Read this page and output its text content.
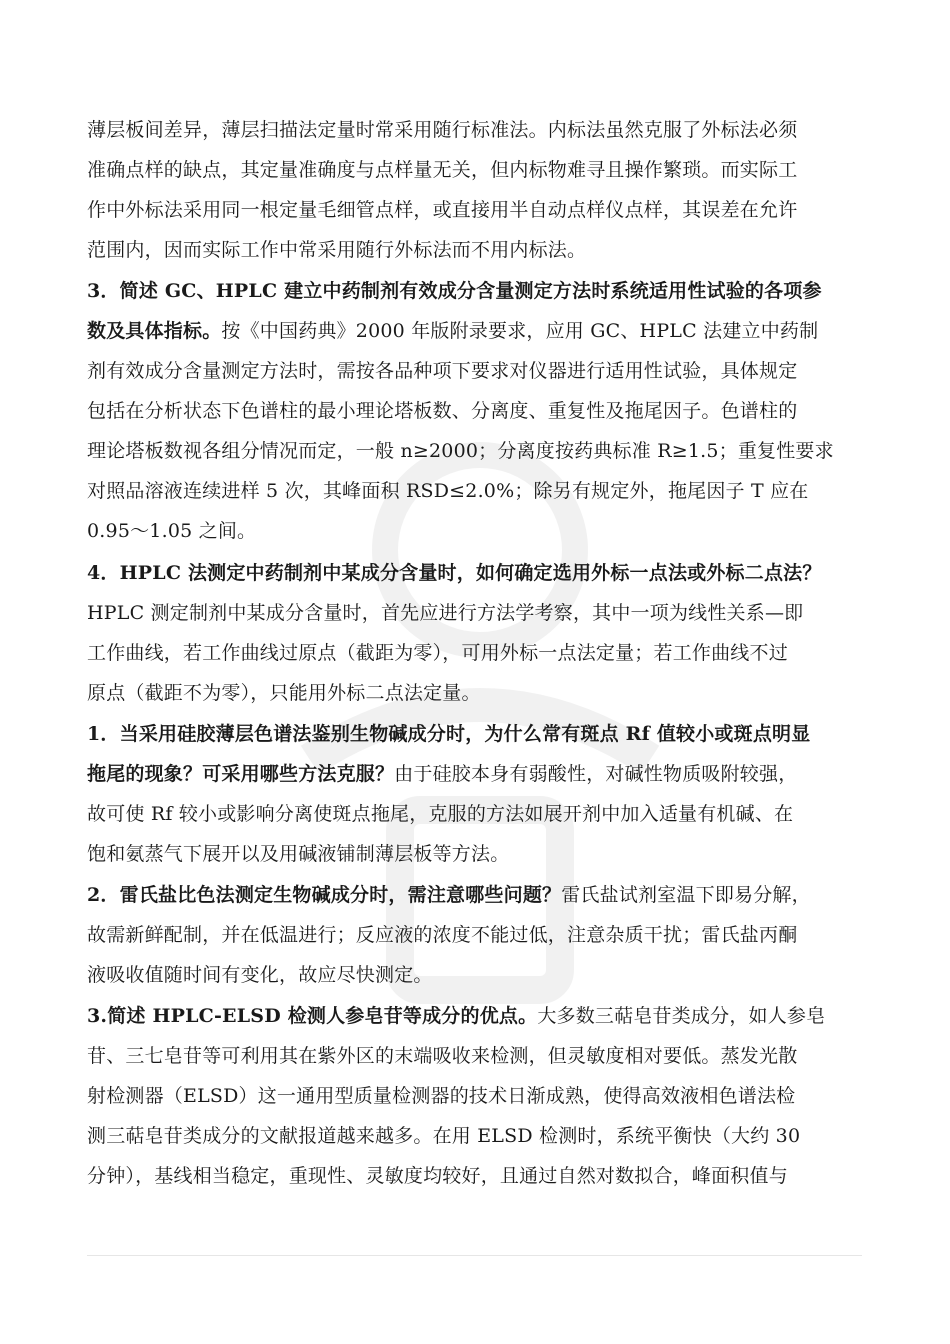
薄层板间差异，薄层扫描法定量时常采用随行标准法。内标法虽然克服了外标法必须
准确点样的缺点，其定量准确度与点样量无关，但内标物难寻且操作繁琐。而实际工
作中外标法采用同一根定量毛细管点样，或直接用半自动点样仪点样，其误差在允许
范围内，因而实际工作中常采用随行外标法而不用内标法。
3．简述 GC、HPLC 建立中药制剂有效成分含量测定方法时系统适用性试验的各项参
数及具体指标。按《中国药典》2000 年版附录要求，应用 GC、HPLC 法建立中药制
剂有效成分含量测定方法时，需按各品种项下要求对仪器进行适用性试验，具体规定
包括在分析状态下色谱柱的最小理论塔板数、分离度、重复性及拖尾因子。色谱柱的
理论塔板数视各组分情况而定，一般 n≥2000；分离度按药典标准 R≥1.5；重复性要求
对照品溶液连续进样 5 次，其峰面积 RSD≤2.0%；除另有规定外，拖尾因子 T 应在
0.95～1.05 之间。
4．HPLC 法测定中药制剂中某成分含量时，如何确定选用外标一点法或外标二点法？
HPLC 测定制剂中某成分含量时，首先应进行方法学考察，其中一项为线性关系—即
工作曲线，若工作曲线过原点（截距为零），可用外标一点法定量；若工作曲线不过
原点（截距不为零），只能用外标二点法定量。
1．当采用硅胶薄层色谱法鉴别生物碱成分时，为什么常有斑点 Rf 值较小或斑点明显
拖尾的现象？可采用哪些方法克服？由于硅胶本身有弱酸性，对碱性物质吸附较强，
故可使 Rf 较小或影响分离使斑点拖尾，克服的方法如展开剂中加入适量有机碱、在
饱和氨蒸气下展开以及用碱液铺制薄层板等方法。
2．雷氏盐比色法测定生物碱成分时，需注意哪些问题？雷氏盐试剂室温下即易分解，
故需新鲜配制，并在低温进行；反应液的浓度不能过低，注意杂质干扰；雷氏盐丙酮
液吸收值随时间有变化，故应尽快测定。
3.简述 HPLC-ELSD 检测人参皂苷等成分的优点。大多数三萜皂苷类成分，如人参皂
苷、三七皂苷等可利用其在紫外区的末端吸收来检测，但灵敏度相对要低。蒸发光散
射检测器（ELSD）这一通用型质量检测器的技术日渐成熟，使得高效液相色谱法检
测三萜皂苷类成分的文献报道越来越多。在用 ELSD 检测时，系统平衡快（大约 30
分钟），基线相当稳定，重现性、灵敏度均较好，且通过自然对数拟合，峰面积值与
